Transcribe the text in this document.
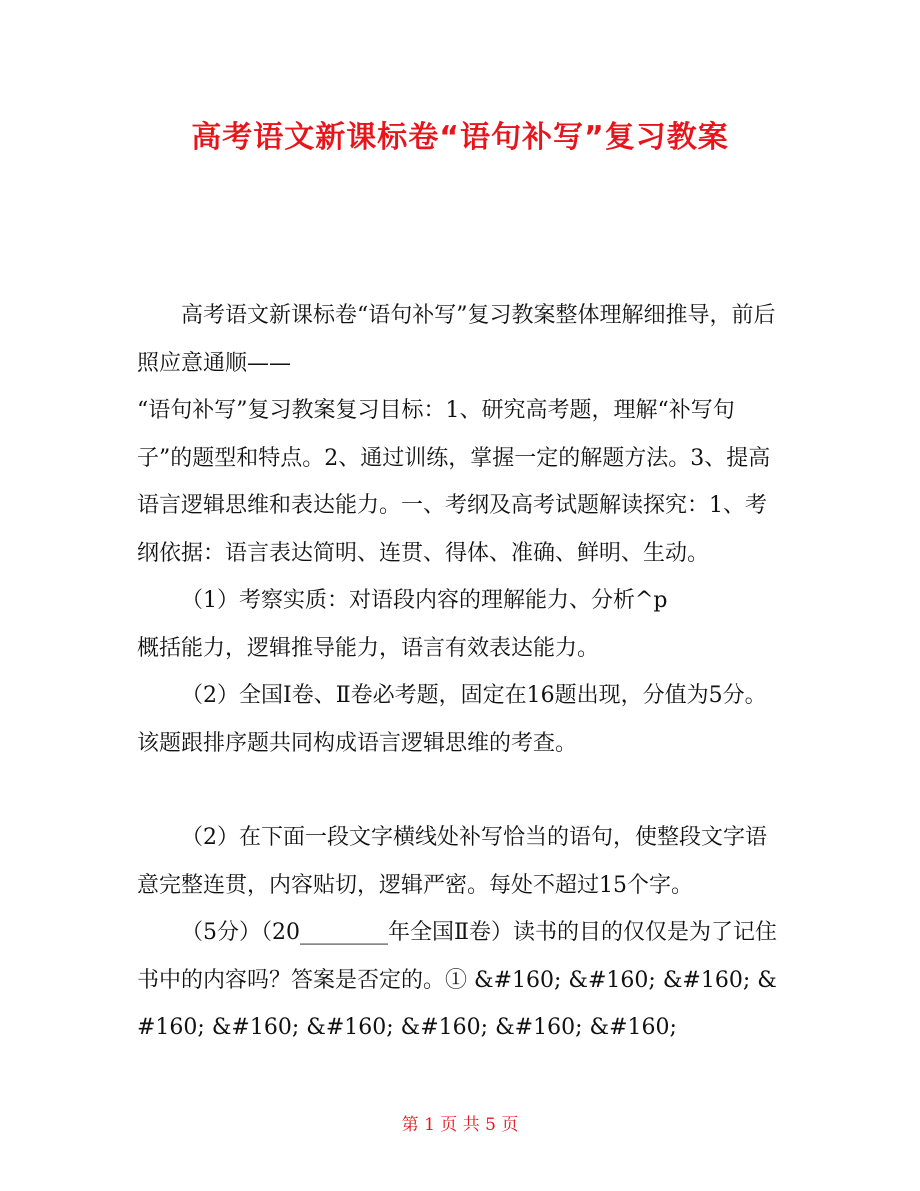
高考语文新课标卷“语句补写”复习教案

高考语文新课标卷“语句补写”复习教案整体理解细推导，前后照应意通顺——

“语句补写”复习教案复习目标：1、研究高考题，理解“补写句子”的题型和特点。2、通过训练，掌握一定的解题方法。3、提高语言逻辑思维和表达能力。一、考纲及高考试题解读探究：1、考纲依据：语言表达简明、连贯、得体、准确、鲜明、生动。

（1）考察实质：对语段内容的理解能力、分析^p

概括能力，逻辑推导能力，语言有效表达能力。

（2）全国Ⅰ卷、Ⅱ卷必考题，固定在16题出现，分值为5分。该题跟排序题共同构成语言逻辑思维的考查。

（2）在下面一段文字横线处补写恰当的语句，使整段文字语意完整连贯，内容贴切，逻辑严密。每处不超过15个字。

（5分）（20________年全国Ⅱ卷）读书的目的仅仅是为了记住书中的内容吗？答案是否定的。① &#160; &#160; &#160; &#160; &#160; &#160; &#160; &#160; &#160;

第 1 页 共 5 页
